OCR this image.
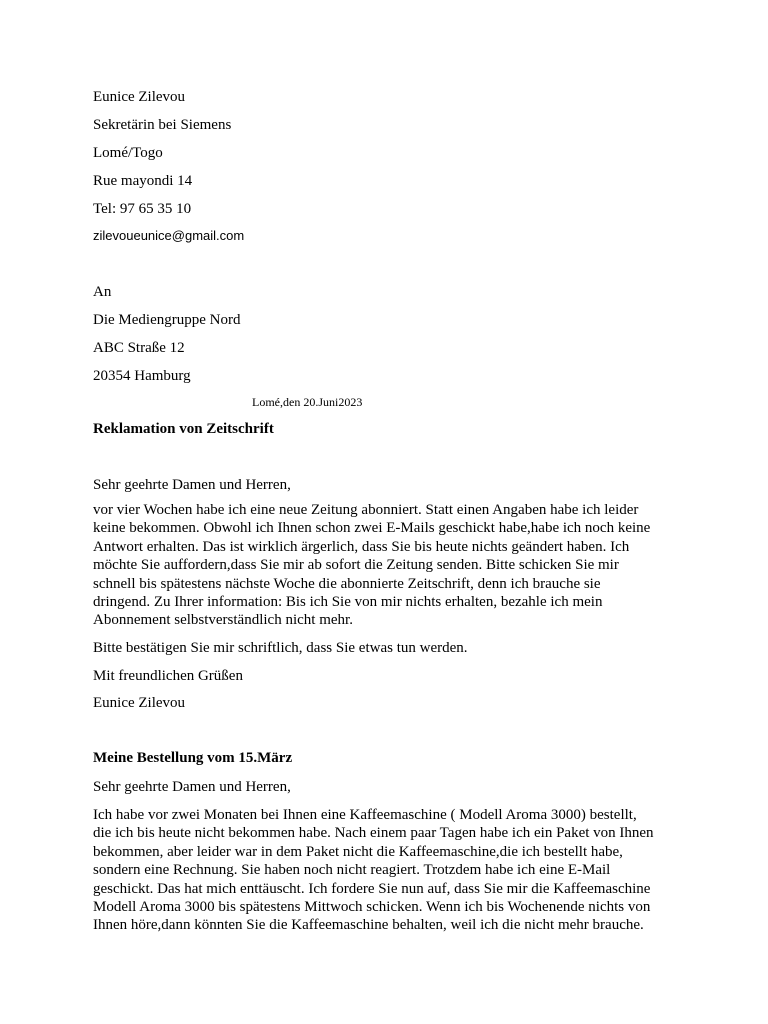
Eunice Zilevou

Sekretärin bei Siemens

Lomé/Togo

Rue mayondi 14

Tel: 97 65 35 10

zilevoueunice@gmail.com

An

Die Mediengruppe Nord

ABC Straße 12

20354 Hamburg

Lomé,den 20.Juni2023

Reklamation von Zeitschrift

Sehr geehrte Damen und Herren,

vor vier Wochen habe ich eine neue Zeitung abonniert. Statt einen Angaben habe ich leider
keine bekommen. Obwohl ich Ihnen schon zwei E-Mails geschickt habe,habe ich noch keine
Antwort erhalten. Das ist wirklich ärgerlich, dass Sie bis heute nichts geändert haben. Ich
möchte Sie auffordern,dass Sie mir ab sofort die Zeitung senden. Bitte schicken Sie mir
schnell bis spätestens nächste Woche die abonnierte Zeitschrift, denn ich brauche sie
dringend. Zu Ihrer information: Bis ich Sie von mir nichts erhalten, bezahle ich mein
Abonnement selbstverständlich nicht mehr.

Bitte bestätigen Sie mir schriftlich, dass Sie etwas tun werden.

Mit freundlichen Grüßen

Eunice Zilevou

Meine Bestellung vom 15.März

Sehr geehrte Damen und Herren,

Ich habe vor zwei Monaten bei Ihnen eine Kaffeemaschine ( Modell Aroma 3000) bestellt,
die ich bis heute nicht bekommen habe. Nach einem paar Tagen habe ich ein Paket von Ihnen
bekommen, aber leider war in dem Paket nicht die Kaffeemaschine,die ich bestellt habe,
sondern eine Rechnung. Sie haben noch nicht reagiert. Trotzdem habe ich eine E-Mail
geschickt. Das hat mich enttäuscht. Ich fordere Sie nun auf, dass Sie mir die Kaffeemaschine
Modell Aroma 3000 bis spätestens Mittwoch schicken. Wenn ich bis Wochenende nichts von
Ihnen höre,dann könnten Sie die Kaffeemaschine behalten, weil ich die nicht mehr brauche.
